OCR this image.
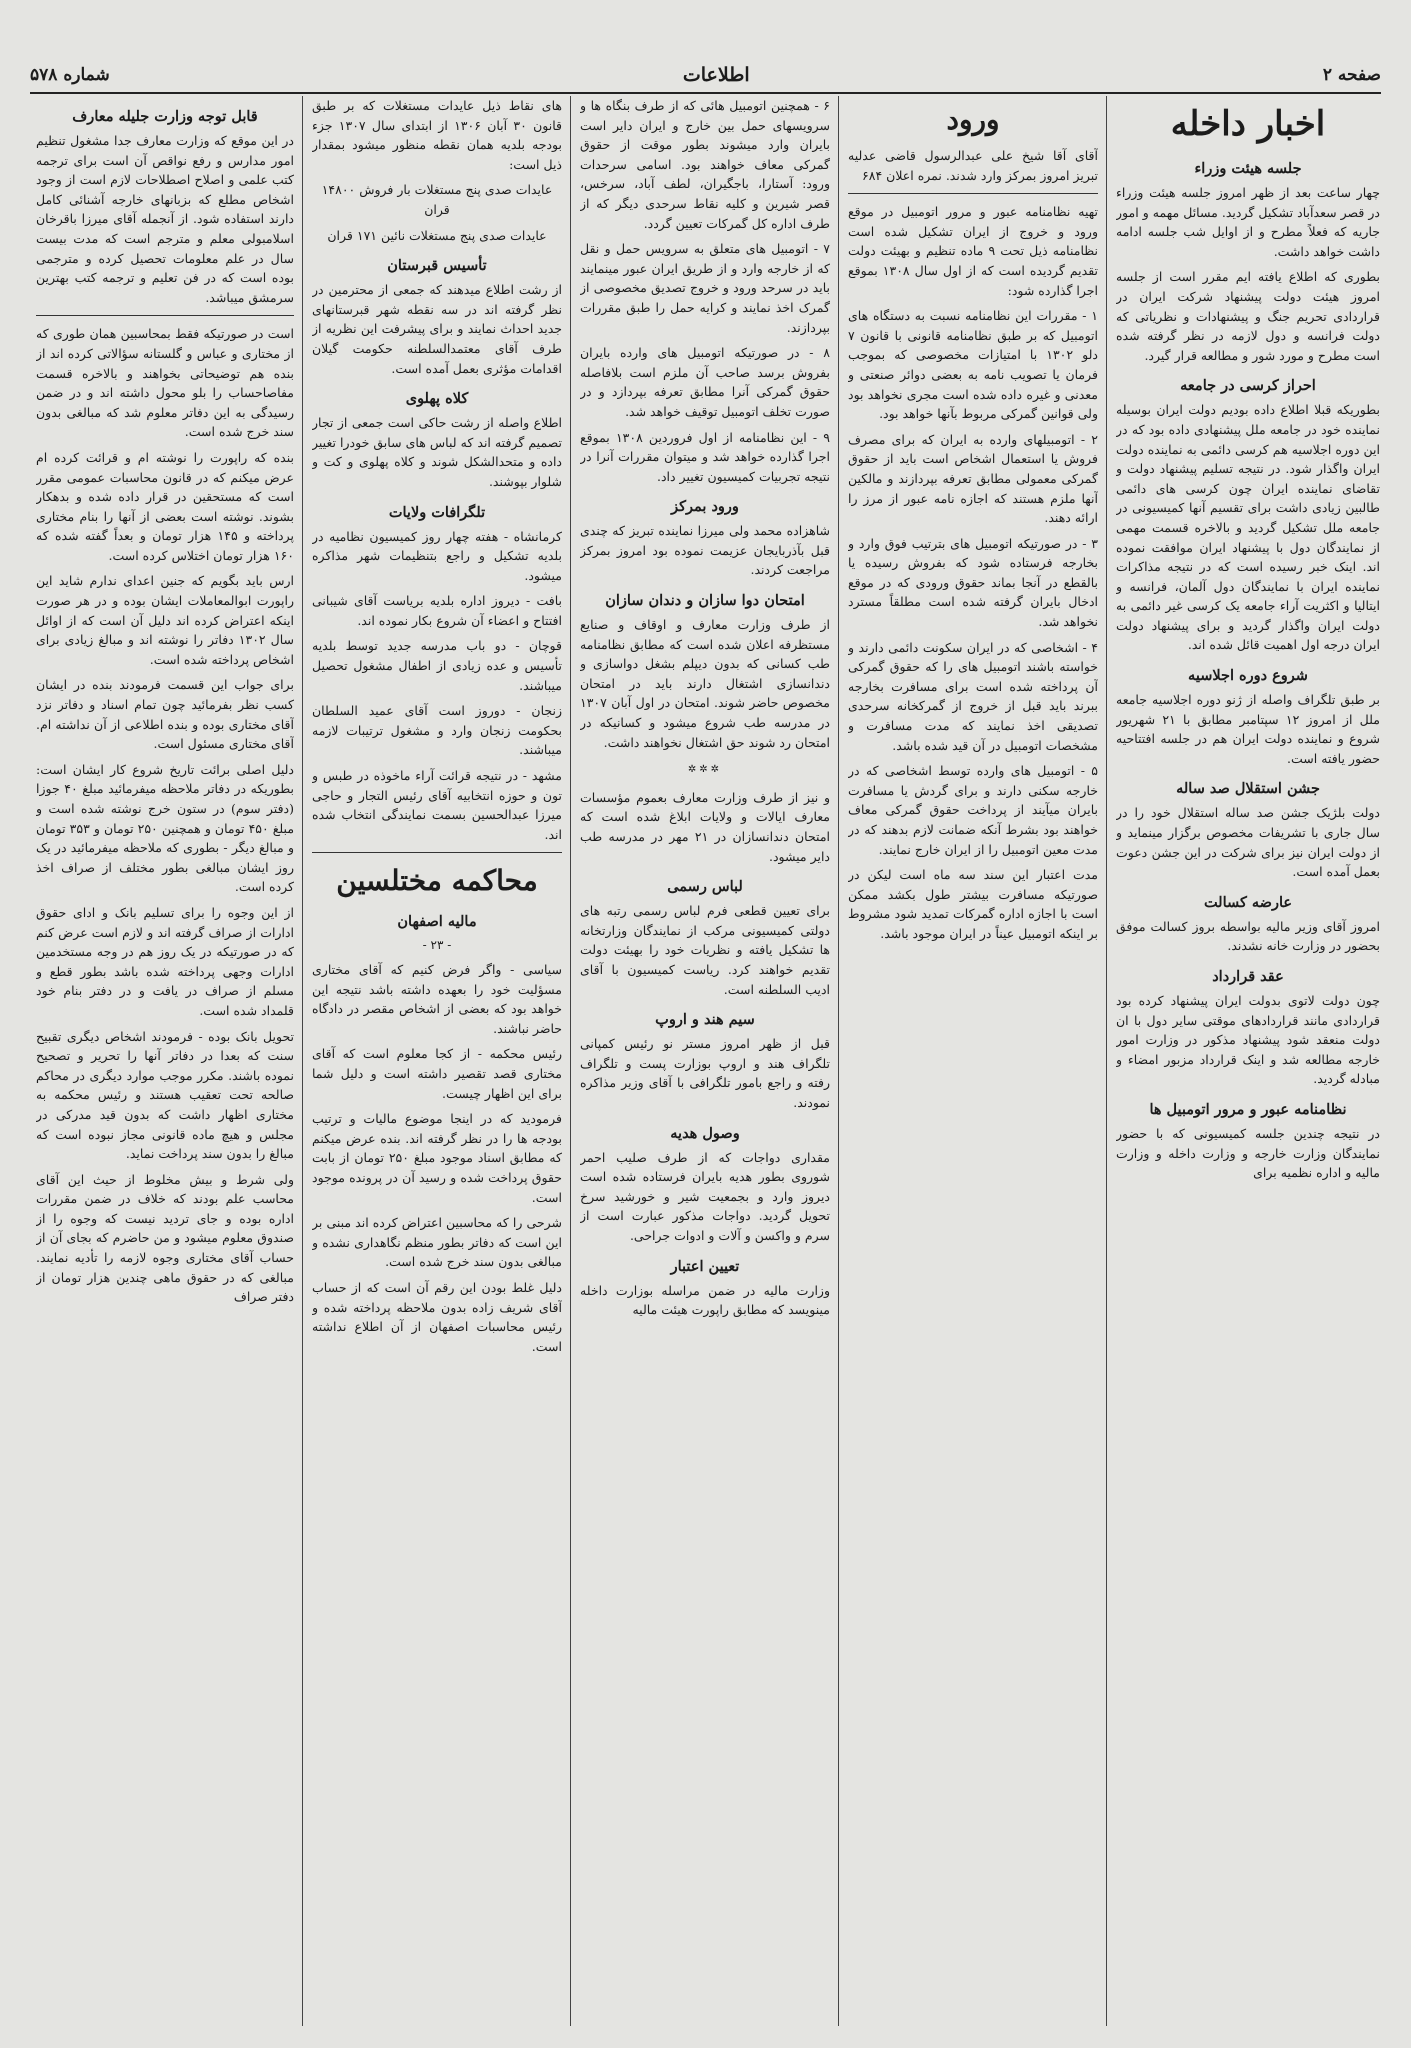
صفحه ۲
اطلاعات
شماره ۵۷۸
اخبار داخله
جلسه هیئت وزراء

چهار ساعت بعد از ظهر امروز جلسه هیئت وزراء در قصر سعدآباد تشکیل گردید. مسائل مهمه و امور جاریه که فعلاً مطرح و از اوایل شب جلسه ادامه داشت خواهد داشت.

بطوری که اطلاع یافته ایم مقرر است از جلسه امروز هیئت دولت پیشنهاد شرکت ایران در قراردادی تحریم جنگ و پیشنهادات و نظریاتی که دولت فرانسه و دول لازمه در نظر گرفته شده است مطرح و مورد شور و مطالعه قرار گیرد.

احراز کرسی در جامعه

بطوریکه قبلا اطلاع داده بودیم دولت ایران بوسیله نماینده خود در جامعه ملل پیشنهادی داده بود که در این دوره اجلاسیه هم کرسی دائمی به نماینده دولت ایران واگذار شود. در نتیجه تسلیم پیشنهاد دولت و تقاضای نماینده ایران چون کرسی های دائمی طالبین زیادی داشت برای تقسیم آنها کمیسیونی در جامعه ملل تشکیل گردید و بالاخره قسمت مهمی از نمایندگان دول با پیشنهاد ایران موافقت نموده اند. اینک خبر رسیده است که در نتیجه مذاکرات نماینده ایران با نمایندگان دول آلمان، فرانسه و ایتالیا و اکثریت آراء جامعه یک کرسی غیر دائمی به دولت ایران واگذار گردید و برای پیشنهاد دولت ایران درجه اول اهمیت قائل شده اند.

شروع دوره اجلاسیه

بر طبق تلگراف واصله از ژنو دوره اجلاسیه جامعه ملل از امروز ۱۲ سپتامبر مطابق با ۲۱ شهریور شروع و نماینده دولت ایران هم در جلسه افتتاحیه حضور یافته است.

جشن استقلال صد ساله

دولت بلژیک جشن صد ساله استقلال خود را در سال جاری با تشریفات مخصوص برگزار مینماید و از دولت ایران نیز برای شرکت در این جشن دعوت بعمل آمده است.

عارضه کسالت

امروز آقای وزیر مالیه بواسطه بروز کسالت موفق بحضور در وزارت خانه نشدند.

عقد قرارداد

چون دولت لاتوی بدولت ایران پیشنهاد کرده بود قراردادی مانند قراردادهای موقتی سایر دول با ان دولت منعقد شود پیشنهاد مذکور در وزارت امور خارجه مطالعه شد و اینک قرارداد مزبور امضاء و مبادله گردید.

نظامنامه عبور و مرور اتومبیل ها

در نتیجه چندین جلسه کمیسیونی که با حضور نمایندگان وزارت خارجه و وزارت داخله و وزارت مالیه و اداره نظمیه برای

ورود

آقای آقا شیخ علی عبدالرسول قاضی عدلیه تبریز امروز بمرکز وارد شدند. نمره اعلان ۶۸۴

تهیه نظامنامه عبور و مرور اتومبیل در موقع ورود و خروج از ایران تشکیل شده است نظامنامه ذیل تحت ۹ ماده تنظیم و بهیئت دولت تقدیم گردیده است که از اول سال ۱۳۰۸ بموقع اجرا گذارده شود:

۱ - مقررات این نظامنامه نسبت به دستگاه های اتومبیل که بر طبق نظامنامه قانونی با قانون ۷ دلو ۱۳۰۲ با امتیازات مخصوصی که بموجب فرمان یا تصویب نامه به بعضی دوائر صنعتی و معدنی و غیره داده شده است مجری نخواهد بود ولی قوانین گمرکی مربوط بآنها خواهد بود.

۲ - اتومبیلهای وارده به ایران که برای مصرف فروش یا استعمال اشخاص است باید از حقوق گمرکی معمولی مطابق تعرفه بپردازند و مالکین آنها ملزم هستند که اجازه نامه عبور از مرز را ارائه دهند.

۳ - در صورتیکه اتومبیل های بترتیب فوق وارد و بخارجه فرستاده شود که بفروش رسیده یا بالقطع در آنجا بماند حقوق ورودی که در موقع ادخال بایران گرفته شده است مطلقاً مسترد نخواهد شد.

۴ - اشخاصی که در ایران سکونت دائمی دارند و خواسته باشند اتومبیل های را که حقوق گمرکی آن پرداخته شده است برای مسافرت بخارجه ببرند باید قبل از خروج از گمرکخانه سرحدی تصدیقی اخذ نمایند که مدت مسافرت و مشخصات اتومبیل در آن قید شده باشد.

۵ - اتومبیل های وارده توسط اشخاصی که در خارجه سکنی دارند و برای گردش یا مسافرت بایران میآیند از پرداخت حقوق گمرکی معاف خواهند بود بشرط آنکه ضمانت لازم بدهند که در مدت معین اتومبیل را از ایران خارج نمایند.

مدت اعتبار این سند سه ماه است لیکن در صورتیکه مسافرت بیشتر طول بکشد ممکن است با اجازه اداره گمرکات تمدید شود مشروط بر اینکه اتومبیل عیناً در ایران موجود باشد.

۶ - همچنین اتومبیل هائی که از طرف بنگاه ها و سرویسهای حمل بین خارج و ایران دایر است بایران وارد میشوند بطور موقت از حقوق گمرکی معاف خواهند بود. اسامی سرحدات ورود: آستارا، باجگیران، لطف آباد، سرخس، قصر شیرین و کلیه نقاط سرحدی دیگر که از طرف اداره کل گمرکات تعیین گردد.

۷ - اتومبیل های متعلق به سرویس حمل و نقل که از خارجه وارد و از طریق ایران عبور مینمایند باید در سرحد ورود و خروج تصدیق مخصوصی از گمرک اخذ نمایند و کرایه حمل را طبق مقررات بپردازند.

۸ - در صورتیکه اتومبیل های وارده بایران بفروش برسد صاحب آن ملزم است بلافاصله حقوق گمرکی آنرا مطابق تعرفه بپردازد و در صورت تخلف اتومبیل توقیف خواهد شد.

۹ - این نظامنامه از اول فروردین ۱۳۰۸ بموقع اجرا گذارده خواهد شد و میتوان مقررات آنرا در نتیجه تجربیات کمیسیون تغییر داد.

ورود بمرکز

شاهزاده محمد ولی میرزا نماینده تبریز که چندی قبل بآذربایجان عزیمت نموده بود امروز بمرکز مراجعت کردند.

امتحان دوا سازان و دندان سازان

از طرف وزارت معارف و اوقاف و صنایع مستظرفه اعلان شده است که مطابق نظامنامه طب کسانی که بدون دیپلم بشغل دواسازی و دندانسازی اشتغال دارند باید در امتحان مخصوص حاضر شوند. امتحان در اول آبان ۱۳۰۷ در مدرسه طب شروع میشود و کسانیکه در امتحان رد شوند حق اشتغال نخواهند داشت.

✲✲✲

و نیز از طرف وزارت معارف بعموم مؤسسات معارف ایالات و ولایات ابلاغ شده است که امتحان دندانسازان در ۲۱ مهر در مدرسه طب دایر میشود.

لباس رسمی

برای تعیین قطعی فرم لباس رسمی رتبه های دولتی کمیسیونی مرکب از نمایندگان وزارتخانه ها تشکیل یافته و نظریات خود را بهیئت دولت تقدیم خواهند کرد. ریاست کمیسیون با آقای ادیب السلطنه است.

سیم هند و اروپ

قبل از ظهر امروز مستر نو رئیس کمپانی تلگراف هند و اروپ بوزارت پست و تلگراف رفته و راجع بامور تلگرافی با آقای وزیر مذاکره نمودند.

وصول هدیه

مقداری دواجات که از طرف صلیب احمر شوروی بطور هدیه بایران فرستاده شده است دیروز وارد و بجمعیت شیر و خورشید سرخ تحویل گردید. دواجات مذکور عبارت است از سرم و واکسن و آلات و ادوات جراحی.

تعیین اعتبار

وزارت مالیه در ضمن مراسله بوزارت داخله مینویسد که مطابق راپورت هیئت مالیه

های نقاط ذیل عایدات مستغلات که بر طبق قانون ۳۰ آبان ۱۳۰۶ از ابتدای سال ۱۳۰۷ جزء بودجه بلدیه همان نقطه منظور میشود بمقدار ذیل است:

عایدات صدی پنج مستغلات بار فروش ۱۴۸۰۰ قران

عایدات صدی پنج مستغلات نائین ۱۷۱ قران

تأسیس قبرستان

از رشت اطلاع میدهند که جمعی از محترمین در نظر گرفته اند در سه نقطه شهر قبرستانهای جدید احداث نمایند و برای پیشرفت این نظریه از طرف آقای معتمدالسلطنه حکومت گیلان اقدامات مؤثری بعمل آمده است.

کلاه پهلوی

اطلاع واصله از رشت حاکی است جمعی از تجار تصمیم گرفته اند که لباس های سابق خودرا تغییر داده و متحدالشکل شوند و کلاه پهلوی و کت و شلوار بپوشند.

تلگرافات ولایات

کرمانشاه - هفته چهار روز کمیسیون نظامیه در بلدیه تشکیل و راجع بتنظیمات شهر مذاکره میشود.

بافت - دیروز اداره بلدیه بریاست آقای شیبانی افتتاح و اعضاء آن شروع بکار نموده اند.

قوچان - دو باب مدرسه جدید توسط بلدیه تأسیس و عده زیادی از اطفال مشغول تحصیل میباشند.

زنجان - دوروز است آقای عمید السلطان بحکومت زنجان وارد و مشغول ترتیبات لازمه میباشند.

مشهد - در نتیجه قرائت آراء ماخوذه در طبس و تون و حوزه انتخابیه آقای رئیس التجار و حاجی میرزا عبدالحسین بسمت نمایندگی انتخاب شده اند.

محاکمه مختلسین
مالیه اصفهان
- ۲۳ -

سیاسی - واگر فرض کنیم که آقای مختاری مسؤلیت خود را بعهده داشته باشد نتیجه این خواهد بود که بعضی از اشخاص مقصر در دادگاه حاضر نباشند.

رئیس محکمه - از کجا معلوم است که آقای مختاری قصد تقصیر داشته است و دلیل شما برای این اظهار چیست.

فرمودید که در اینجا موضوع مالیات و ترتیب بودجه ها را در نظر گرفته اند. بنده عرض میکنم که مطابق اسناد موجود مبلغ ۲۵۰ تومان از بابت حقوق پرداخت شده و رسید آن در پرونده موجود است.

شرحی را که محاسبین اعتراض کرده اند مبنی بر این است که دفاتر بطور منظم نگاهداری نشده و مبالغی بدون سند خرج شده است.

دلیل غلط بودن این رقم آن است که از حساب آقای شریف زاده بدون ملاحظه پرداخته شده و رئیس محاسبات اصفهان از آن اطلاع نداشته است.

قابل توجه وزارت جلیله معارف

در این موقع که وزارت معارف جدا مشغول تنظیم امور مدارس و رفع نواقص آن است برای ترجمه کتب علمی و اصلاح اصطلاحات لازم است از وجود اشخاص مطلع که بزبانهای خارجه آشنائی کامل دارند استفاده شود. از آنجمله آقای میرزا باقرخان اسلامبولی معلم و مترجم است که مدت بیست سال در علم معلومات تحصیل کرده و مترجمی بوده است که در فن تعلیم و ترجمه کتب بهترین سرمشق میباشد.

است در صورتیکه فقط بمحاسبین همان طوری که از مختاری و عباس و گلستانه سؤالاتی کرده اند از بنده هم توضیحاتی بخواهند و بالاخره قسمت مفاصاحساب را بلو محول داشته اند و در ضمن رسیدگی به این دفاتر معلوم شد که مبالغی بدون سند خرج شده است.

بنده که راپورت را نوشته ام و قرائت کرده ام عرض میکنم که در قانون محاسبات عمومی مقرر است که مستحقین در قرار داده شده و بدهکار بشوند. نوشته است بعضی از آنها را بنام مختاری پرداخته و ۱۴۵ هزار تومان و بعداً گفته شده که ۱۶۰ هزار تومان اختلاس کرده است.

ارس باید بگویم که جنین اعدای ندارم شاید این راپورت ابوالمعاملات ایشان بوده و در هر صورت اینکه اعتراض کرده اند دلیل آن است که از اوائل سال ۱۳۰۲ دفاتر را نوشته اند و مبالغ زیادی برای اشخاص پرداخته شده است.

برای جواب این قسمت فرمودند بنده در ایشان کسب نظر بفرمائید چون تمام اسناد و دفاتر نزد آقای مختاری بوده و بنده اطلاعی از آن نداشته ام. آقای مختاری مسئول است.

دلیل اصلی برائت تاریخ شروع کار ایشان است: بطوریکه در دفاتر ملاحظه میفرمائید مبلغ ۴۰ جوزا (دفتر سوم) در ستون خرج نوشته شده است و مبلغ ۴۵۰ تومان و همچنین ۲۵۰ تومان و ۳۵۳ تومان و مبالغ دیگر - بطوری که ملاحظه میفرمائید در یک روز ایشان مبالغی بطور مختلف از صراف اخذ کرده است.

از این وجوه را برای تسلیم بانک و ادای حقوق ادارات از صراف گرفته اند و لازم است عرض کنم که در صورتیکه در یک روز هم در وجه مستخدمین ادارات وجهی پرداخته شده باشد بطور قطع و مسلم از صراف در یافت و در دفتر بنام خود قلمداد شده است.

تحویل بانک بوده - فرمودند اشخاص دیگری تقبیح سنت که بعدا در دفاتر آنها را تحریر و تصحیح نموده باشند. مکرر موجب موارد دیگری در محاکم صالحه تحت تعقیب هستند و رئیس محکمه به مختاری اظهار داشت که بدون قید مدرکی در مجلس و هیچ ماده قانونی مجاز نبوده است که مبالغ را بدون سند پرداخت نماید.

ولی شرط و بیش مخلوط از حیث این آقای محاسب علم بودند که خلاف در ضمن مقررات اداره بوده و جای تردید نیست که وجوه را از صندوق معلوم میشود و من حاضرم که بجای آن از حساب آقای مختاری وجوه لازمه را تأدیه نمایند. مبالغی که در حقوق ماهی چندین هزار تومان از دفتر صراف
